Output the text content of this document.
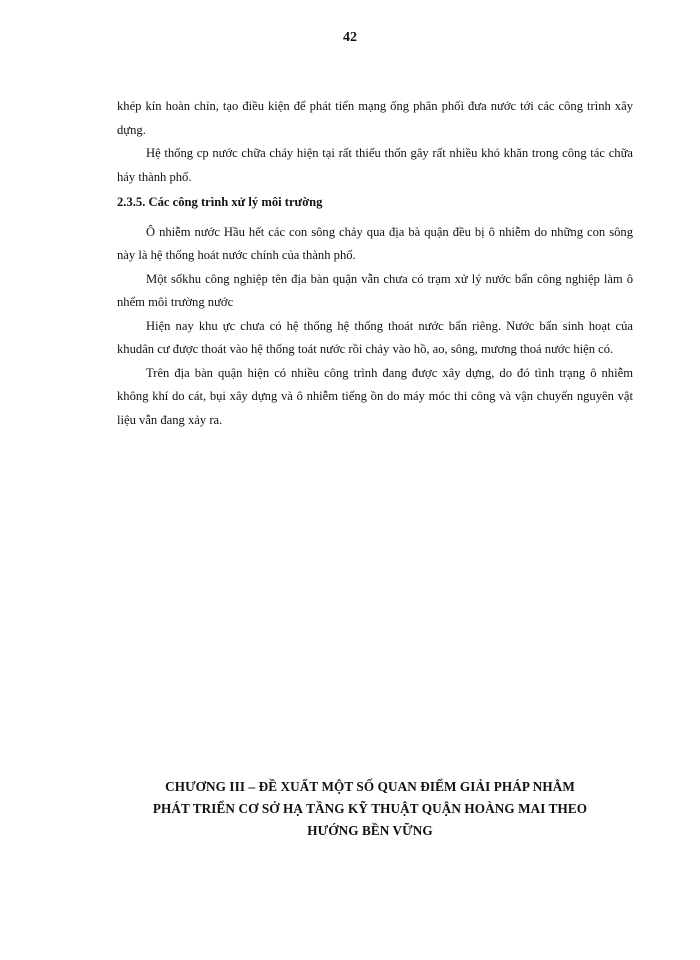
42

khép kín hoàn chỉn, tạo điều kiện để phát tiển mạng ống phân phối đưa nước tới các công trình xây dựng.

Hệ thống cp nước chữa cháy hiện tại rất thiếu thốn gây rất nhiều khó khăn trong công tác chữa háy thành phố.

2.3.5. Các công trình xử lý môi trường

Ô nhiễm nước Hầu hết các con sông chảy qua địa bà quận đều bị ô nhiễm do những con sông này là hệ thống hoát nước chính của thành phố.

Một sốkhu công nghiệp tên địa bàn quận vẫn chưa có trạm xử lý nước bẩn công nghiệp làm ô nhểm môi trường nước

Hiện nay khu ực chưa có hệ thống hệ thống thoát nước bẩn riêng. Nước bẩn sinh hoạt của khudân cư được thoát vào hệ thống toát nước rồi chảy vào hồ, ao, sông, mương thoá nước hiện có.

Trên địa bàn quận hiện có nhiều công trình đang được xây dựng, do đó tình trạng ô nhiễm không khí do cát, bụi xây dựng và ô nhiễm tiếng ồn do máy móc thi công và vận chuyển nguyên vật liệu vẫn đang xảy ra.

CHƯƠNG III – ĐỀ XUẤT MỘT SỐ QUAN ĐIỂM GIẢI PHÁP NHẰM
PHÁT TRIỂN CƠ SỞ HẠ TẦNG KỸ THUẬT QUẬN HOÀNG MAI THEO
HƯỚNG BỀN VỮNG
